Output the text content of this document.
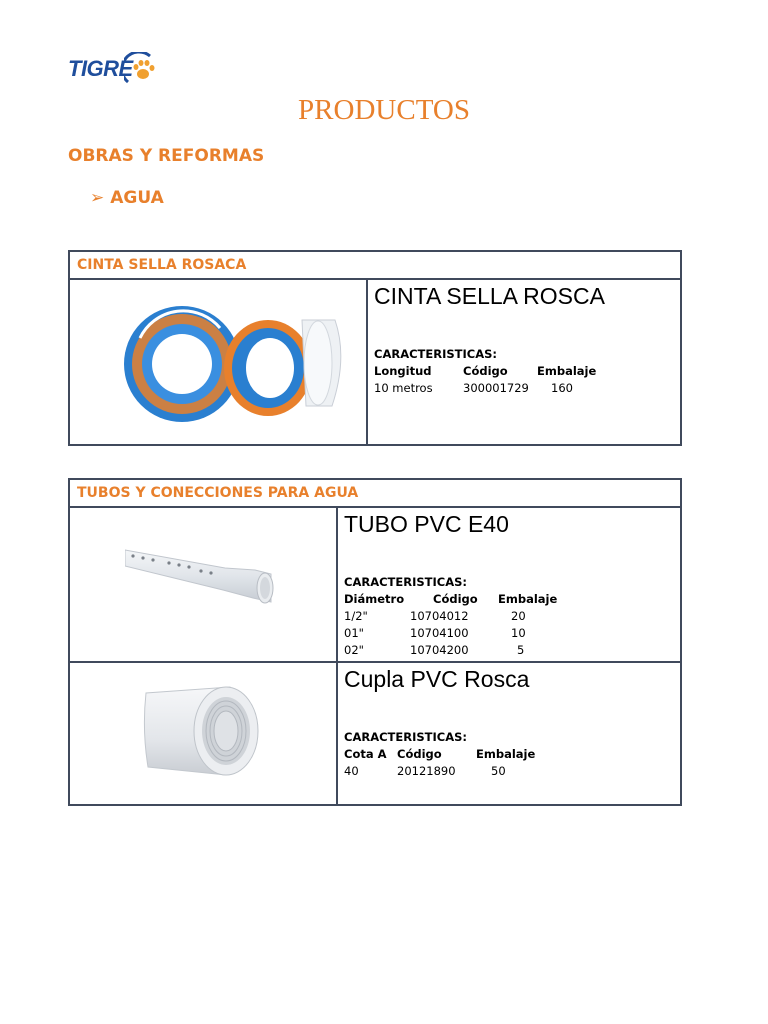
TIGRE
PRODUCTOS
OBRAS Y REFORMAS
➢ AGUA
CINTA SELLA ROSACA
CINTA SELLA ROSCA
CARACTERISTICAS:
Longitud	Código	Embalaje
10 metros	300001729 160
TUBOS Y CONECCIONES PARA AGUA
TUBO PVC E40
CARACTERISTICAS:
Diámetro	Código Embalaje
1/2"	10704012	20
01"	10704100	10
02"	10704200	5
Cupla PVC Rosca
CARACTERISTICAS:
Cota A Código	Embalaje
40	20121890	50
